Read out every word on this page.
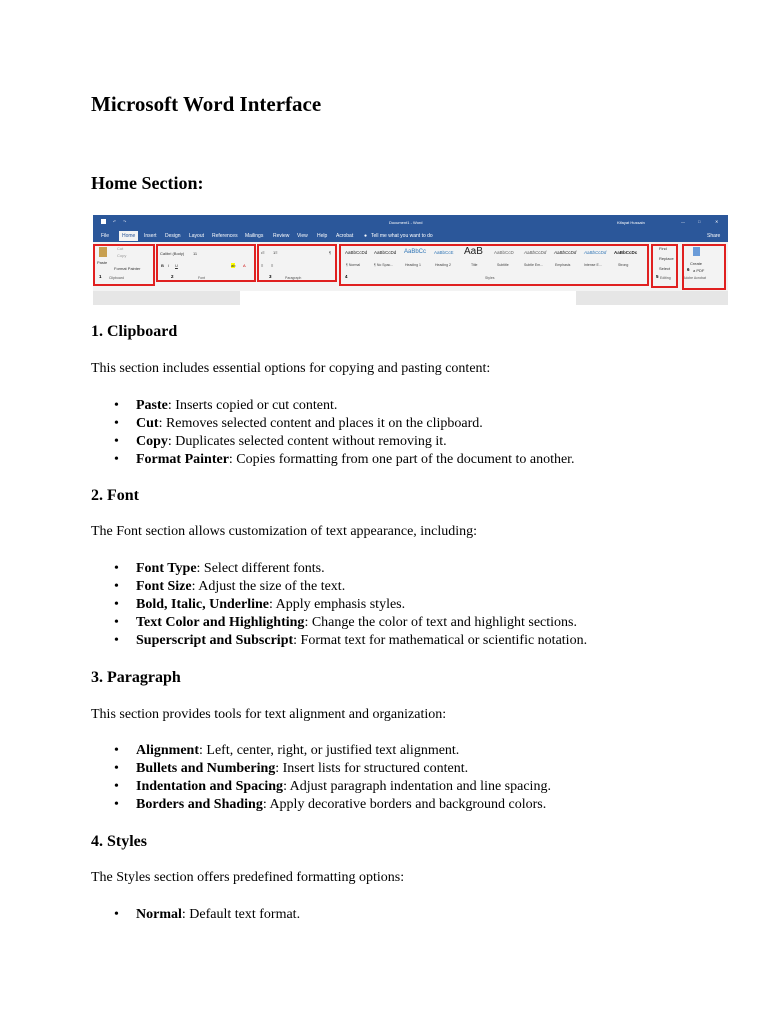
Microsoft Word Interface
Home Section:
↶ ↷	Document1 - Word	Kifayat Hussain	—	□	✕
File	Home	Insert Design Layout References Mailings Review View Help Acrobat ● Tell me what you want to do	Share
Paste
Cut
Copy
Format Painter
1 Clipboard
Calibri (Body) 11
B I U	A
ab
2	Font
•≡ 1≡
≡ ≡
¶
3	Paragraph
AaBbCcDd AaBbCcDd AaBbCc AaBbCcE AaB AaBbCcD AaBbCcDd AaBbCcDd AaBbCcDd AaBbCcDc
¶ Normal	¶ No Spac...	Heading 1	Heading 2	Title	Subtitle	Subtle Em...	Emphasis	Intense E...	Strong
4	Styles
Find
Replace
Select
5 Editing
Create
6 a PDF
Adobe Acrobat
1. Clipboard

This section includes essential options for copying and pasting content:

• Paste: Inserts copied or cut content.
• Cut: Removes selected content and places it on the clipboard.
• Copy: Duplicates selected content without removing it.
• Format Painter: Copies formatting from one part of the document to another.
2. Font

The Font section allows customization of text appearance, including:

• Font Type: Select different fonts.
• Font Size: Adjust the size of the text.
• Bold, Italic, Underline: Apply emphasis styles.
• Text Color and Highlighting: Change the color of text and highlight sections.
• Superscript and Subscript: Format text for mathematical or scientific notation.
3. Paragraph

This section provides tools for text alignment and organization:

• Alignment: Left, center, right, or justified text alignment.
• Bullets and Numbering: Insert lists for structured content.
• Indentation and Spacing: Adjust paragraph indentation and line spacing.
• Borders and Shading: Apply decorative borders and background colors.
4. Styles

The Styles section offers predefined formatting options:

• Normal: Default text format.
